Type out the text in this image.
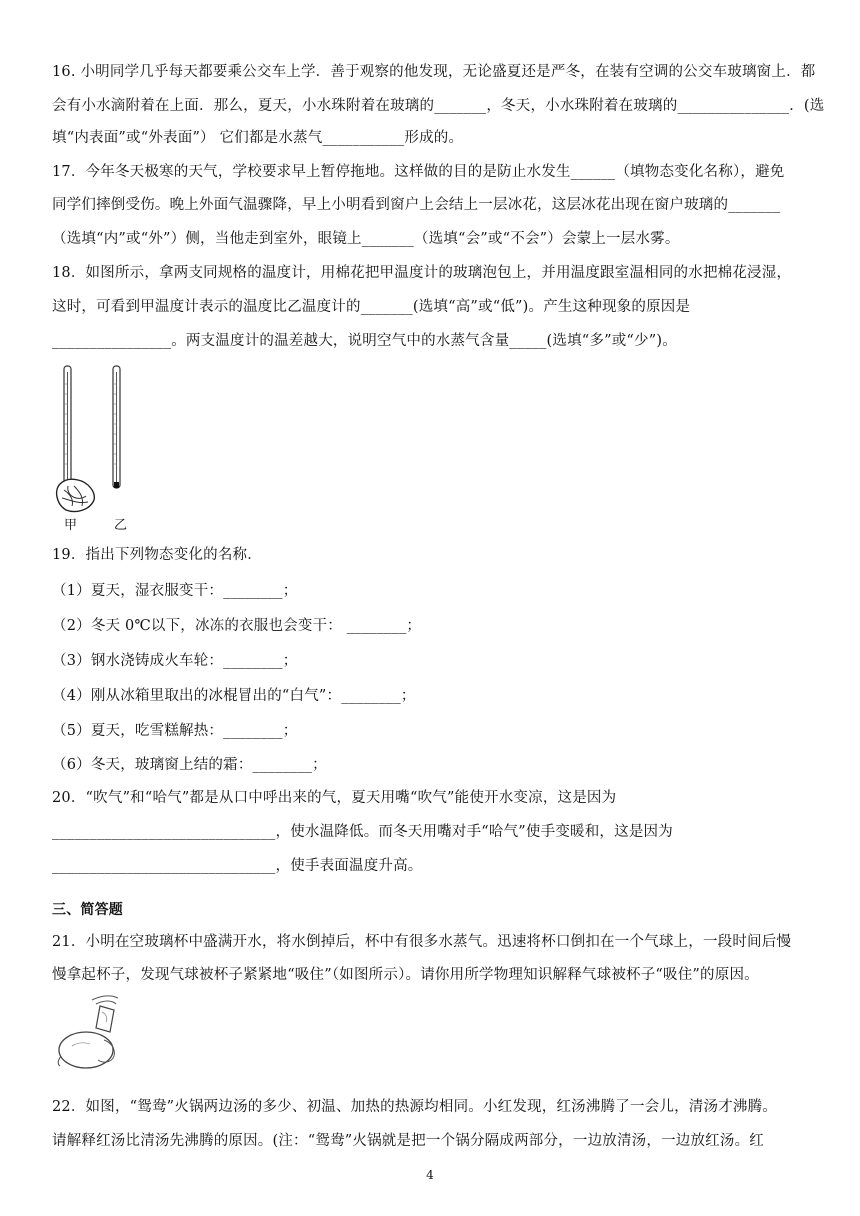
16. 小明同学几乎每天都要乘公交车上学．善于观察的他发现，无论盛夏还是严冬，在装有空调的公交车玻璃窗上．都
会有小水滴附着在上面．那么，夏天，小水珠附着在玻璃的_______，冬天，小水珠附着在玻璃的_______________．(选
填“内表面”或“外表面”） 它们都是水蒸气___________形成的。
17．今年冬天极寒的天气，学校要求早上暂停拖地。这样做的目的是防止水发生______（填物态变化名称），避免
同学们摔倒受伤。晚上外面气温骤降，早上小明看到窗户上会结上一层冰花，这层冰花出现在窗户玻璃的_______
（选填“内”或“外”）侧，当他走到室外，眼镜上_______（选填“会”或“不会”）会蒙上一层水雾。
18．如图所示，拿两支同规格的温度计，用棉花把甲温度计的玻璃泡包上，并用温度跟室温相同的水把棉花浸湿，
这时，可看到甲温度计表示的温度比乙温度计的_______(选填“高”或“低”)。产生这种现象的原因是
________________。两支温度计的温差越大，说明空气中的水蒸气含量_____(选填“多”或“少”)。
19．指出下列物态变化的名称．
（1）夏天，湿衣服变干：________；
（2）冬天 0℃以下，冰冻的衣服也会变干： ________；
（3）钢水浇铸成火车轮：________；
（4）刚从冰箱里取出的冰棍冒出的“白气”：________；
（5）夏天，吃雪糕解热：________；
（6）冬天，玻璃窗上结的霜：________；
20．“吹气”和“哈气”都是从口中呼出来的气，夏天用嘴“吹气”能使开水变凉，这是因为
______________________________，使水温降低。而冬天用嘴对手“哈气”使手变暖和，这是因为
______________________________，使手表面温度升高。
21．小明在空玻璃杯中盛满开水，将水倒掉后，杯中有很多水蒸气。迅速将杯口倒扣在一个气球上，一段时间后慢
慢拿起杯子，发现气球被杯子紧紧地“吸住”（如图所示）。请你用所学物理知识解释气球被杯子“吸住”的原因。
22．如图，“鸳鸯”火锅两边汤的多少、初温、加热的热源均相同。小红发现，红汤沸腾了一会儿，清汤才沸腾。
请解释红汤比清汤先沸腾的原因。(注：“鸳鸯”火锅就是把一个锅分隔成两部分，一边放清汤，一边放红汤。红
三、简答题
甲	乙
4
